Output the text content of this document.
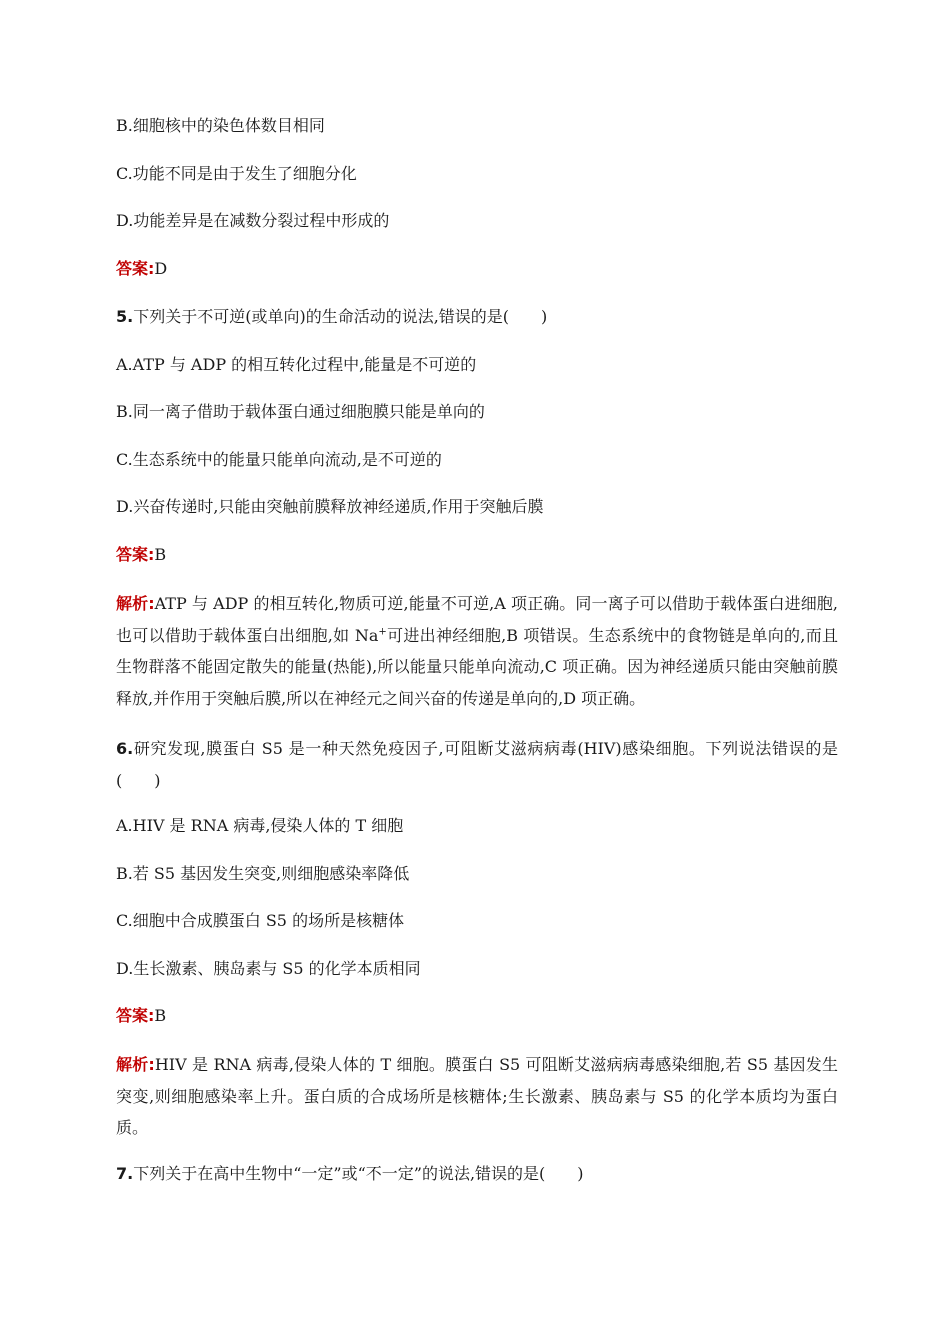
B.细胞核中的染色体数目相同
C.功能不同是由于发生了细胞分化
D.功能差异是在减数分裂过程中形成的
答案:D
5.下列关于不可逆(或单向)的生命活动的说法,错误的是(　　)
A.ATP 与 ADP 的相互转化过程中,能量是不可逆的
B.同一离子借助于载体蛋白通过细胞膜只能是单向的
C.生态系统中的能量只能单向流动,是不可逆的
D.兴奋传递时,只能由突触前膜释放神经递质,作用于突触后膜
答案:B
解析:ATP 与 ADP 的相互转化,物质可逆,能量不可逆,A 项正确。同一离子可以借助于载体蛋白进细胞,也可以借助于载体蛋白出细胞,如 Na+可进出神经细胞,B 项错误。生态系统中的食物链是单向的,而且生物群落不能固定散失的能量(热能),所以能量只能单向流动,C 项正确。因为神经递质只能由突触前膜释放,并作用于突触后膜,所以在神经元之间兴奋的传递是单向的,D 项正确。
6.研究发现,膜蛋白 S5 是一种天然免疫因子,可阻断艾滋病病毒(HIV)感染细胞。下列说法错误的是(　　)
A.HIV 是 RNA 病毒,侵染人体的 T 细胞
B.若 S5 基因发生突变,则细胞感染率降低
C.细胞中合成膜蛋白 S5 的场所是核糖体
D.生长激素、胰岛素与 S5 的化学本质相同
答案:B
解析:HIV 是 RNA 病毒,侵染人体的 T 细胞。膜蛋白 S5 可阻断艾滋病病毒感染细胞,若 S5 基因发生突变,则细胞感染率上升。蛋白质的合成场所是核糖体;生长激素、胰岛素与 S5 的化学本质均为蛋白质。
7.下列关于在高中生物中“一定”或“不一定”的说法,错误的是(　　)
